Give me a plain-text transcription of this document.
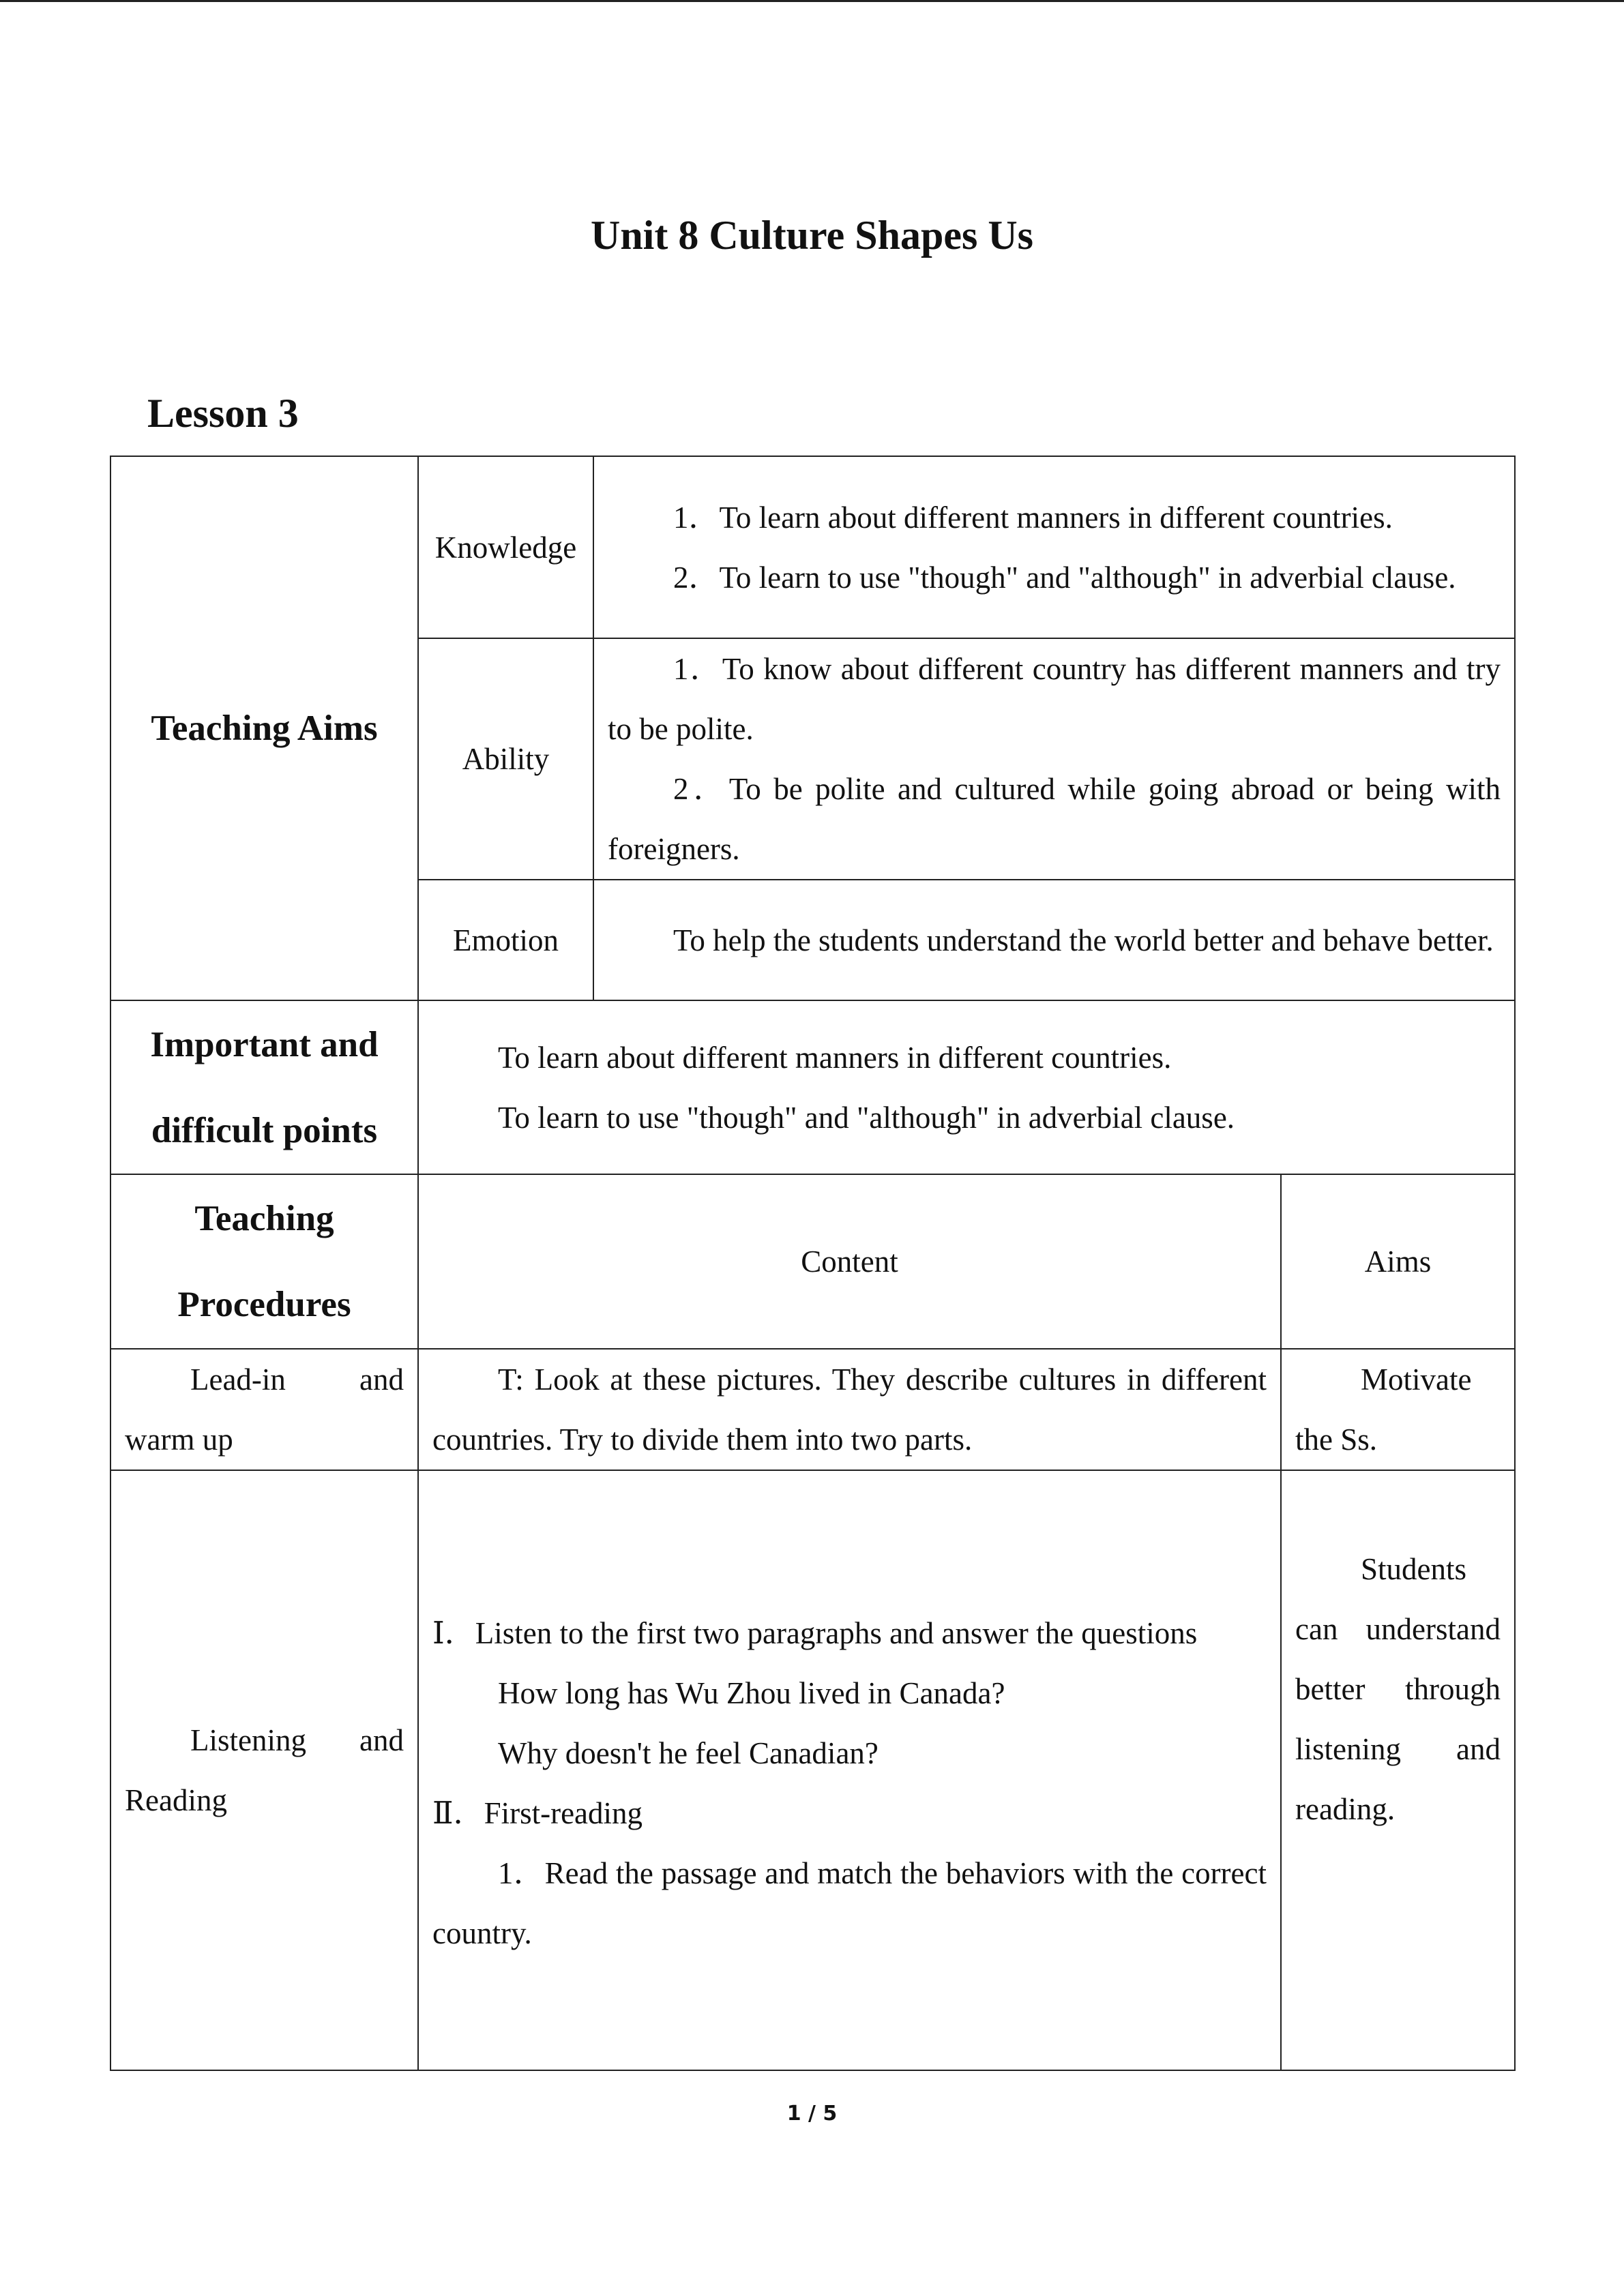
Unit 8 Culture Shapes Us
Lesson 3
Teaching Aims	Knowledge	1．To learn about different manners in different countries.

2．To learn to use "though" and "although" in adverbial clause.	

	Ability	1．To know about different country has different manners and try to be polite.

2．To be polite and cultured while going abroad or being with foreigners.	

	Emotion	To help the students understand the world better and behave better.	

Important and difficult points	To learn about different manners in different countries.

To learn to use "though" and "although" in adverbial clause.		

Teaching Procedures	Content		Aims

Lead-in and warm up	T: Look at these pictures. They describe cultures in different countries. Try to divide them into two parts.		Motivate the Ss.

Listening and Reading	Ⅰ．Listen to the first two paragraphs and answer the questions

How long has Wu Zhou lived in Canada?

Why doesn't he feel Canadian?

Ⅱ．First-reading

1．Read the passage and match the behaviors with the correct country.		Students can understand better through listening and reading.

1 / 5
